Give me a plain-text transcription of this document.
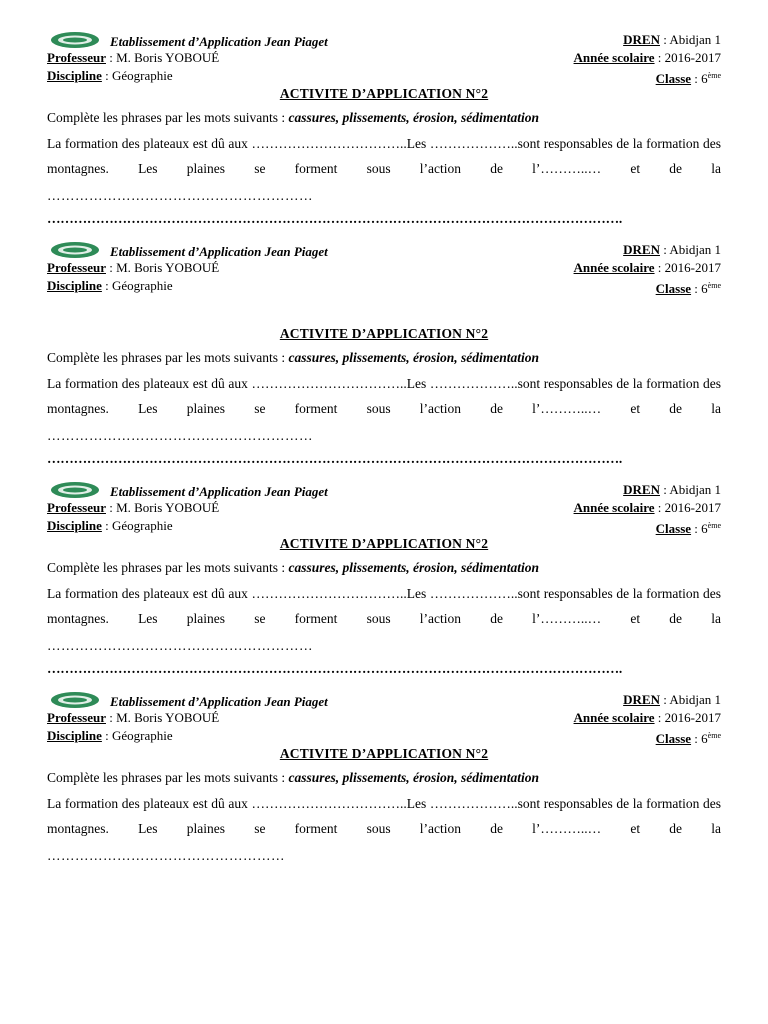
Etablissement d’Application Jean Piaget	DREN : Abidjan 1
Professeur : M. Boris YOBOUÉ	Année scolaire : 2016-2017
Discipline : Géographie	Classe : 6ème
ACTIVITE D’APPLICATION N°2
Complète les phrases par les mots suivants : cassures, plissements, érosion, sédimentation
La formation des plateaux est dû aux ……………………………..Les ………………..sont responsables de la formation des montagnes. Les plaines se forment sous l’action de l’………..… et de la
…………………………………………………
………………………………………………………………………………………………………………….
Etablissement d’Application Jean Piaget	DREN : Abidjan 1
Professeur : M. Boris YOBOUÉ	Année scolaire : 2016-2017
Discipline : Géographie	Classe : 6ème
ACTIVITE D’APPLICATION N°2
Complète les phrases par les mots suivants : cassures, plissements, érosion, sédimentation
La formation des plateaux est dû aux ……………………………..Les ………………..sont responsables de la formation des montagnes. Les plaines se forment sous l’action de l’………..… et de la
…………………………………………………
………………………………………………………………………………………………………………….
Etablissement d’Application Jean Piaget	DREN : Abidjan 1
Professeur : M. Boris YOBOUÉ	Année scolaire : 2016-2017
Discipline : Géographie	Classe : 6ème
ACTIVITE D’APPLICATION N°2
Complète les phrases par les mots suivants : cassures, plissements, érosion, sédimentation
La formation des plateaux est dû aux ……………………………..Les ………………..sont responsables de la formation des montagnes. Les plaines se forment sous l’action de l’………..… et de la
…………………………………………………
………………………………………………………………………………………………………………….
Etablissement d’Application Jean Piaget	DREN : Abidjan 1
Professeur : M. Boris YOBOUÉ	Année scolaire : 2016-2017
Discipline : Géographie	Classe : 6ème
ACTIVITE D’APPLICATION N°2
Complète les phrases par les mots suivants : cassures, plissements, érosion, sédimentation
La formation des plateaux est dû aux ……………………………..Les ………………..sont responsables de la formation des montagnes. Les plaines se forment sous l’action de l’………..… et de la
……………………………………………
